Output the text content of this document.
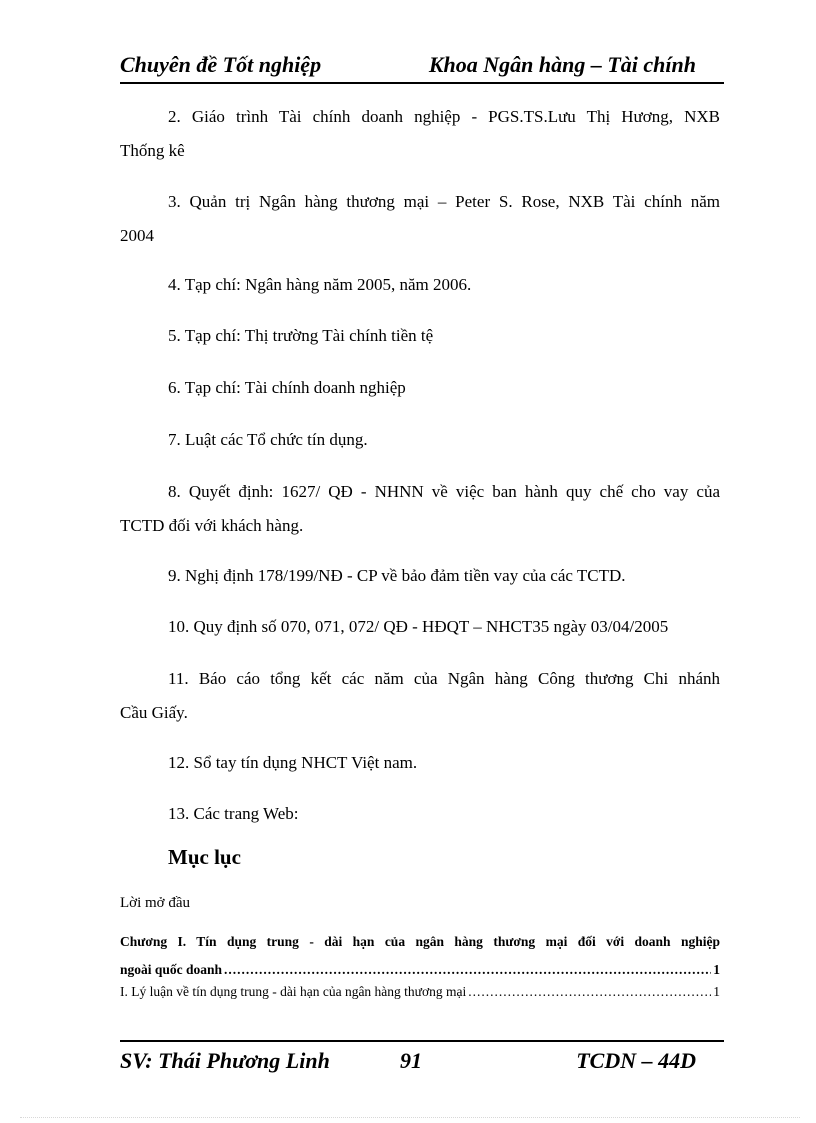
Chuyên đề Tốt nghiệp	Khoa Ngân hàng – Tài chính
2. Giáo trình Tài chính doanh nghiệp - PGS.TS.Lưu Thị Hương, NXB
Thống kê
3. Quản trị Ngân hàng thương mại – Peter S. Rose, NXB Tài chính năm
2004
4. Tạp chí: Ngân hàng năm 2005, năm 2006.
5. Tạp chí: Thị trường Tài chính tiền tệ
6. Tạp chí: Tài chính doanh nghiệp
7. Luật các Tổ chức tín dụng.
8. Quyết định: 1627/ QĐ - NHNN về việc ban hành quy chế cho vay của
TCTD đối với khách hàng.
9. Nghị định 178/199/NĐ - CP về bảo đảm tiền vay của các TCTD.
10. Quy định số 070, 071, 072/ QĐ - HĐQT – NHCT35 ngày 03/04/2005
11. Báo cáo tổng kết các năm của Ngân hàng Công thương Chi nhánh
Cầu Giấy.
12. Sổ tay tín dụng NHCT Việt nam.
13. Các trang Web:
Mục lục
Lời mở đầu
Chương I. Tín dụng trung - dài hạn của ngân hàng thương mại đối với doanh nghiệp
ngoài quốc doanh .....	1
I. Lý luận về tín dụng trung - dài hạn của ngân hàng thương mại .....	1
SV: Thái Phương Linh	91	TCDN – 44D
